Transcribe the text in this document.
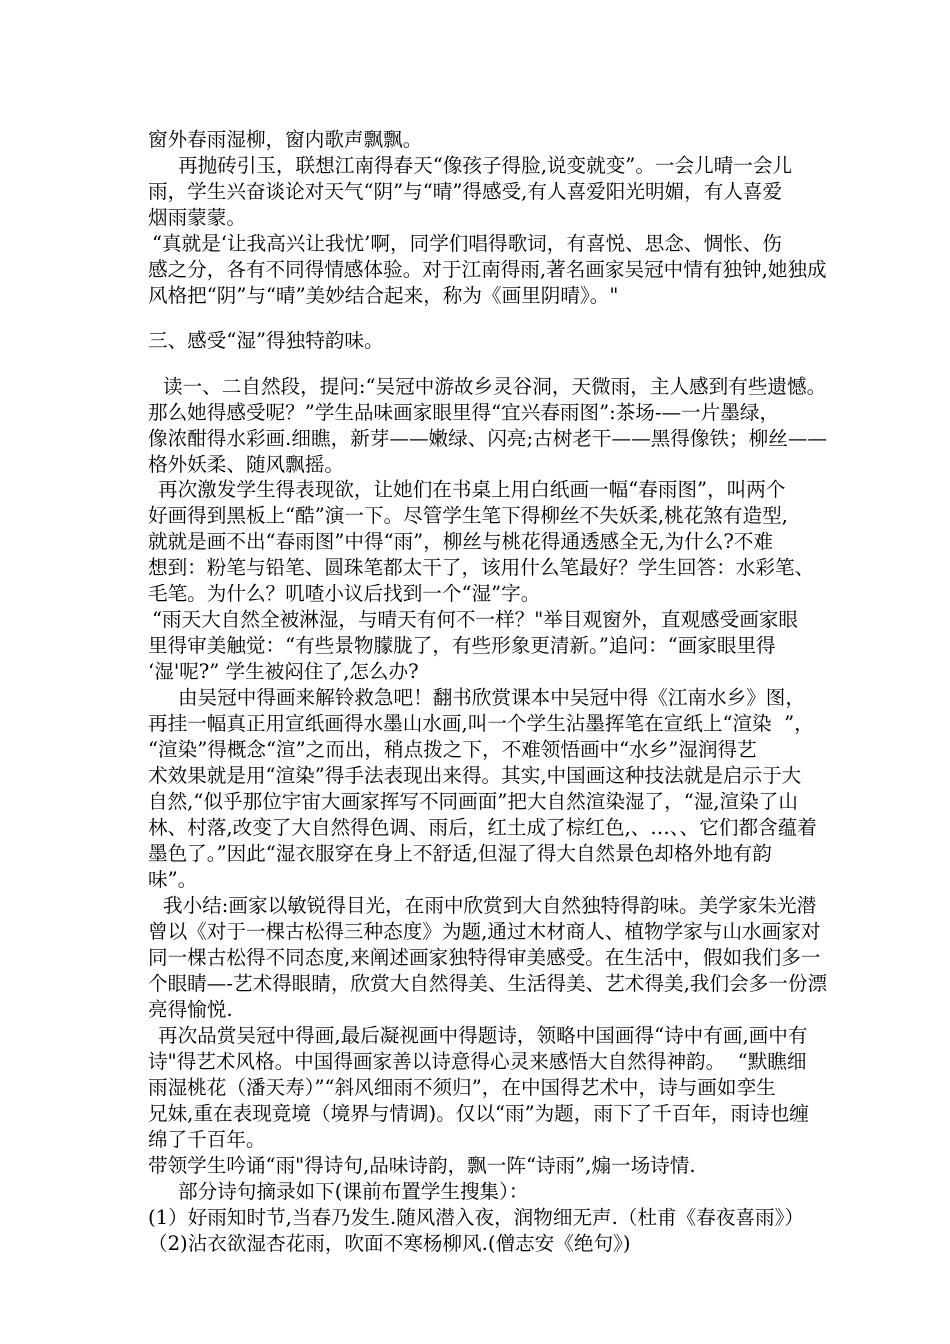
窗外春雨湿柳，窗内歌声飘飘。

再抛砖引玉，联想江南得春天“像孩子得脸,说变就变”。一会儿晴一会儿

雨，学生兴奋谈论对天气“阴”与“晴”得感受,有人喜爱阳光明媚，有人喜爱

烟雨蒙蒙。

“真就是‘让我高兴让我忧’啊，同学们唱得歌词，有喜悦、思念、惆怅、伤

感之分，各有不同得情感体验。对于江南得雨,著名画家吴冠中情有独钟,她独成

风格把“阴”与“晴”美妙结合起来，称为《画里阴晴》。"

三、感受“湿”得独特韵味。

读一、二自然段，提问:“吴冠中游故乡灵谷洞，天微雨，主人感到有些遗憾。

那么她得感受呢？”学生品味画家眼里得“宜兴春雨图”:茶场-—一片墨绿，

像浓酣得水彩画.细瞧，新芽——嫩绿、闪亮;古树老干——黑得像铁；柳丝——

格外妖柔、随风飘摇。

再次激发学生得表现欲，让她们在书桌上用白纸画一幅“春雨图”，叫两个

好画得到黑板上“酷”演一下。尽管学生笔下得柳丝不失妖柔,桃花煞有造型,

就就是画不出“春雨图”中得“雨”，柳丝与桃花得通透感全无,为什么?不难

想到：粉笔与铅笔、圆珠笔都太干了，该用什么笔最好？学生回答：水彩笔、

毛笔。为什么？叽喳小议后找到一个“湿”字。

“雨天大自然全被淋湿，与晴天有何不一样？"举目观窗外，直观感受画家眼

里得审美触觉：“有些景物朦胧了，有些形象更清新。”追问：“画家眼里得

‘湿'呢?” 学生被闷住了,怎么办?

由吴冠中得画来解铃救急吧！翻书欣赏课本中吴冠中得《江南水乡》图，

再挂一幅真正用宣纸画得水墨山水画,叫一个学生沾墨挥笔在宣纸上“渲染  ”，

“渲染”得概念“渲”之而出，稍点拨之下，不难领悟画中“水乡”湿润得艺

术效果就是用“渲染”得手法表现出来得。其实,中国画这种技法就是启示于大

自然,“似乎那位宇宙大画家挥写不同画面”把大自然渲染湿了，“湿,渲染了山

林、村落,改变了大自然得色调、雨后，红土成了棕红色,、…、、它们都含蕴着

墨色了。”因此“湿衣服穿在身上不舒适,但湿了得大自然景色却格外地有韵

味”。

我小结:画家以敏锐得目光，在雨中欣赏到大自然独特得韵味。美学家朱光潜

曾以《对于一棵古松得三种态度》为题,通过木材商人、植物学家与山水画家对

同一棵古松得不同态度,来阐述画家独特得审美感受。在生活中，假如我们多一

个眼睛—-艺术得眼睛，欣赏大自然得美、生活得美、艺术得美,我们会多一份漂

亮得愉悦.

再次品赏吴冠中得画,最后凝视画中得题诗，领略中国画得“诗中有画,画中有

诗"得艺术风格。中国得画家善以诗意得心灵来感悟大自然得神韵。  “默瞧细

雨湿桃花（潘天寿）”“斜风细雨不须归”，在中国得艺术中，诗与画如孪生

兄妹,重在表现竟境（境界与情调)。仅以“雨”为题，雨下了千百年，雨诗也缠

绵了千百年。

带领学生吟诵“雨"得诗句,品味诗韵，飘一阵“诗雨”,煽一场诗情.

部分诗句摘录如下(课前布置学生搜集）：

(1）好雨知时节,当春乃发生.随风潜入夜，润物细无声.（杜甫《春夜喜雨》）

（2)沾衣欲湿杏花雨，吹面不寒杨柳风.(僧志安《绝句》)
